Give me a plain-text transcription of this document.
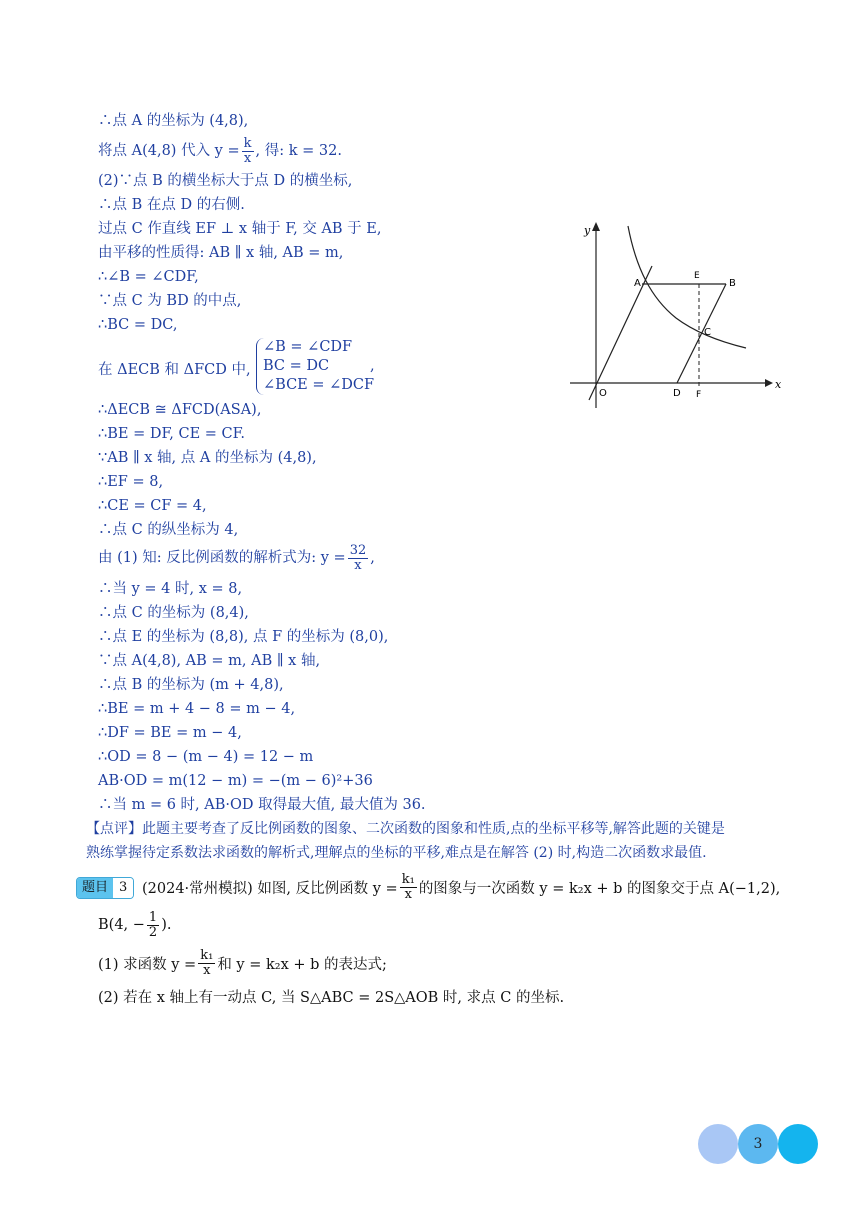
∴点 A 的坐标为 (4,8),
将点 A(4,8) 代入 $y = \frac{k}{x}$ , 得: k = 32.
(2)∵点 B 的横坐标大于点 D 的横坐标,
∴点 B 在点 D 的右侧.
过点 C 作直线 EF ⊥ x 轴于 F, 交 AB 于 E,
由平移的性质得: AB ∥ x 轴, AB = m,
∴∠B = ∠CDF,
∵点 C 为 BD 的中点,
∴BC = DC,
在 ΔECB 和 ΔFCD 中,
∠B = ∠CDF
BC = DC
∠BCE = ∠DCF
,
∴ΔECB ≅ ΔFCD(ASA),
∴BE = DF, CE = CF.
∵AB ∥ x 轴, 点 A 的坐标为 (4,8),
∴EF = 8,
∴CE = CF = 4,
∴点 C 的纵坐标为 4,
由 (1) 知: 反比例函数的解析式为: $y = \frac{32}{x}$ ,
∴当 y = 4 时, x = 8,
∴点 C 的坐标为 (8,4),
∴点 E 的坐标为 (8,8), 点 F 的坐标为 (8,0),
∵点 A(4,8), AB = m, AB ∥ x 轴,
∴点 B 的坐标为 (m + 4,8),
∴BE = m + 4 − 8 = m − 4,
∴DF = BE = m − 4,
∴OD = 8 − (m − 4) = 12 − m
AB·OD = m(12 − m) = −(m − 6)²+36
∴当 m = 6 时, AB·OD 取得最大值, 最大值为 36.
【点评】此题主要考查了反比例函数的图象、二次函数的图象和性质,点的坐标平移等,解答此题的关键是
熟练掌握待定系数法求函数的解析式,理解点的坐标的平移,难点是在解答 (2) 时,构造二次函数求最值.
题目 3	(2024·常州模拟) 如图, 反比例函数 $y = \frac{\text{k₁}}{x}$ 的图象与一次函数 y = k₂x + b 的图象交于点 A(−1,2),
B(4, − $\frac{1}{2}$ ).
(1) 求函数 $y = \frac{\text{k₁}}{x}$ 和 y = k₂x + b 的表达式;
(2) 若在 x 轴上有一动点 C, 当 S△ABC = 2S△AOB 时, 求点 C 的坐标.
y
x
O
A
E
B
C
D F
3
